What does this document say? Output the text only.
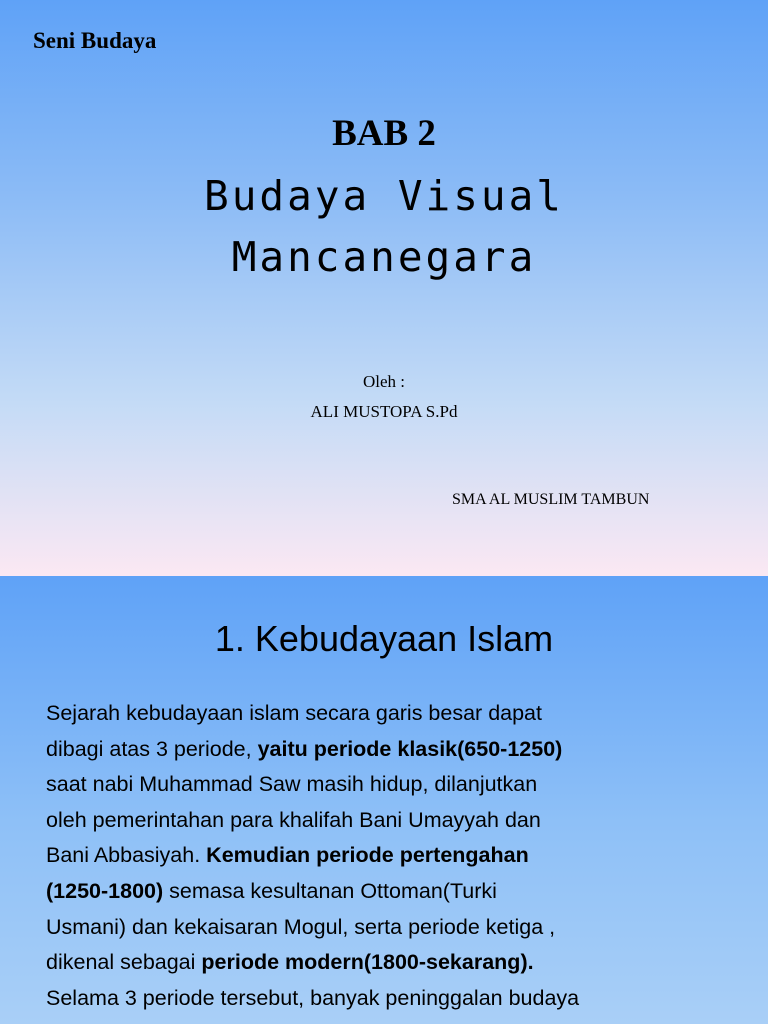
Seni Budaya
BAB 2
Budaya Visual
Mancanegara
Oleh :
ALI MUSTOPA S.Pd
SMA AL MUSLIM TAMBUN
1. Kebudayaan Islam
Sejarah kebudayaan islam secara garis besar dapat
dibagi atas 3 periode, yaitu periode klasik(650-1250)
saat nabi Muhammad Saw masih hidup, dilanjutkan
oleh pemerintahan para khalifah Bani Umayyah dan
Bani Abbasiyah. Kemudian periode pertengahan
(1250-1800) semasa kesultanan Ottoman(Turki
Usmani) dan kekaisaran Mogul, serta periode ketiga ,
dikenal sebagai periode modern(1800-sekarang).
Selama 3 periode tersebut, banyak peninggalan budaya
